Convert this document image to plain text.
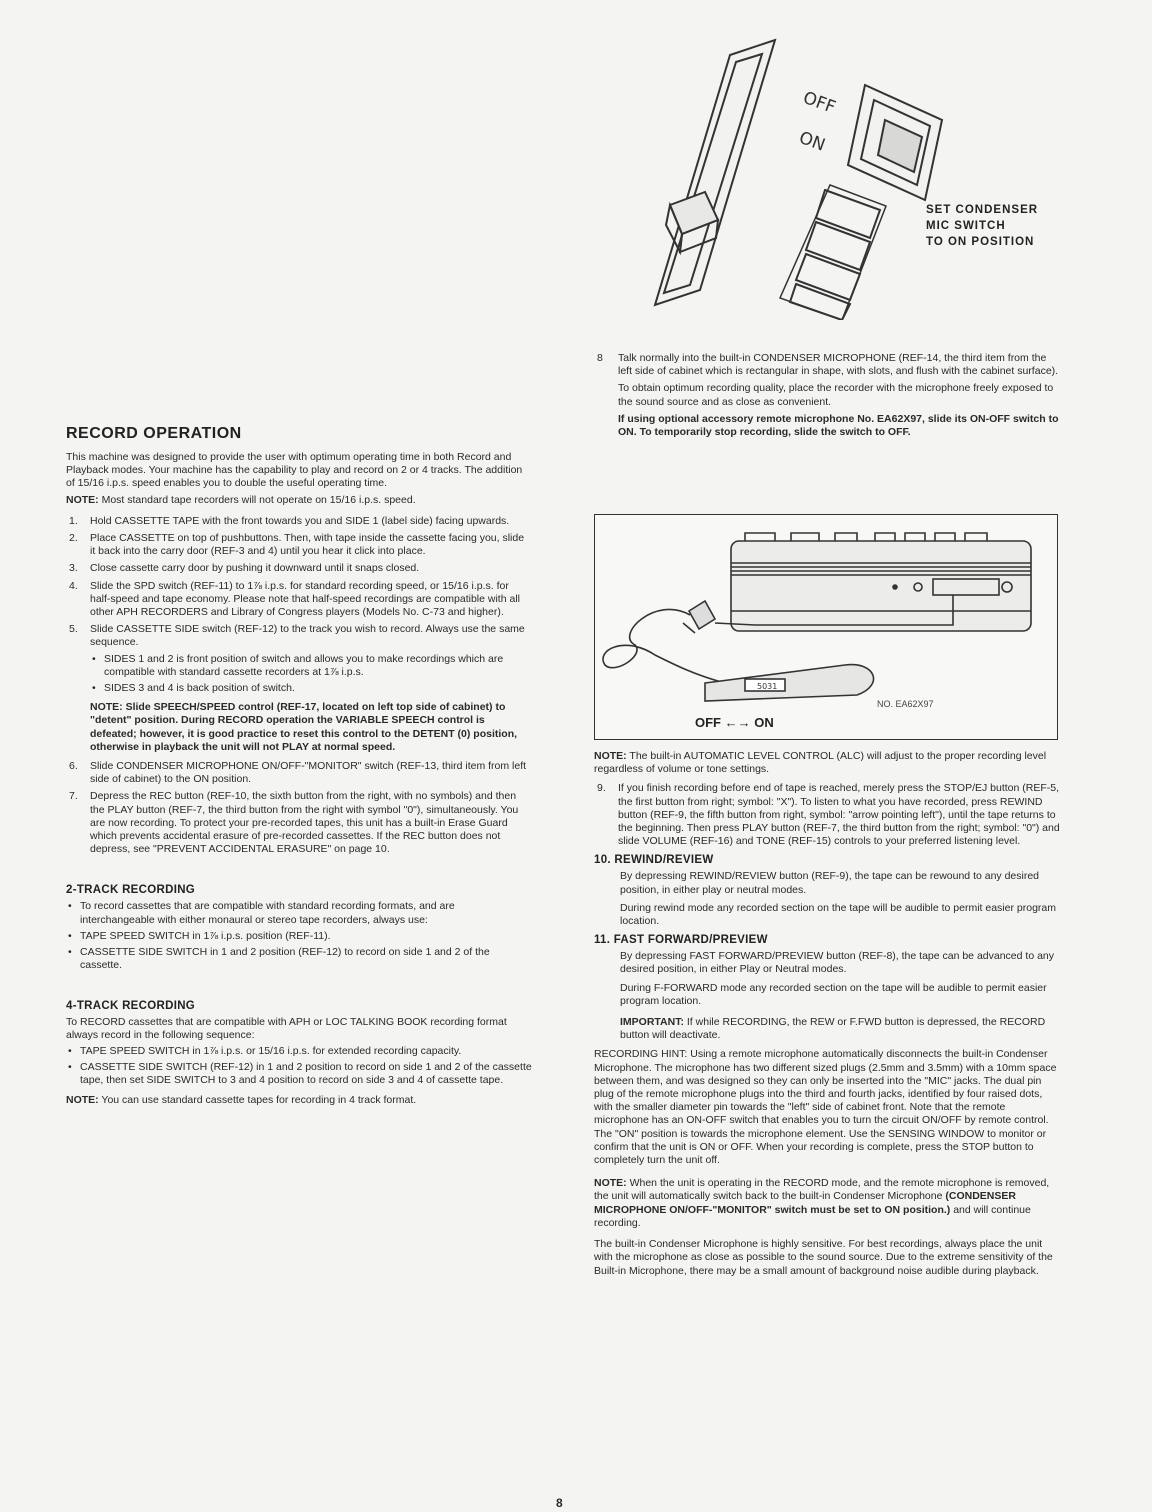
OFF
ON
SET CONDENSER
MIC SWITCH
TO ON POSITION
8 Talk normally into the built-in CONDENSER MICROPHONE (REF-14, the third item from the left side of cabinet which is rectangular in shape, with slots, and flush with the cabinet surface).

To obtain optimum recording quality, place the recorder with the microphone freely exposed to the sound source and as close as convenient.

If using optional accessory remote microphone No. EA62X97, slide its ON-OFF switch to ON. To temporarily stop recording, slide the switch to OFF.

5031
NO. EA62X97
OFF ←→ ON
RECORD OPERATION

This machine was designed to provide the user with optimum operating time in both Record and Playback modes. Your machine has the capability to play and record on 2 or 4 tracks. The addition of 15/16 i.p.s. speed enables you to double the useful operating time.

NOTE: Most standard tape recorders will not operate on 15/16 i.p.s. speed.

1. Hold CASSETTE TAPE with the front towards you and SIDE 1 (label side) facing upwards.
2. Place CASSETTE on top of pushbuttons. Then, with tape inside the cassette facing you, slide it back into the carry door (REF-3 and 4) until you hear it click into place.
3. Close cassette carry door by pushing it downward until it snaps closed.
4. Slide the SPD switch (REF-11) to 1⅞ i.p.s. for standard recording speed, or 15/16 i.p.s. for half-speed and tape economy. Please note that half-speed recordings are compatible with all other APH RECORDERS and Library of Congress players (Models No. C-73 and higher).
5. Slide CASSETTE SIDE switch (REF-12) to the track you wish to record. Always use the same sequence.
• SIDES 1 and 2 is front position of switch and allows you to make recordings which are compatible with standard cassette recorders at 1⅞ i.p.s.
• SIDES 3 and 4 is back position of switch.

NOTE: Slide SPEECH/SPEED control (REF-17, located on left top side of cabinet) to "detent" position. During RECORD operation the VARIABLE SPEECH control is defeated; however, it is good practice to reset this control to the DETENT (0) position, otherwise in playback the unit will not PLAY at normal speed.

6. Slide CONDENSER MICROPHONE ON/OFF-"MONITOR" switch (REF-13, third item from left side of cabinet) to the ON position.
7. Depress the REC button (REF-10, the sixth button from the right, with no symbols) and then the PLAY button (REF-7, the third button from the right with symbol "0"), simultaneously. You are now recording. To protect your pre-recorded tapes, this unit has a built-in Erase Guard which prevents accidental erasure of pre-recorded cassettes. If the REC button does not depress, see "PREVENT ACCIDENTAL ERASURE" on page 10.
2-TRACK RECORDING
• To record cassettes that are compatible with standard recording formats, and are interchangeable with either monaural or stereo tape recorders, always use:
• TAPE SPEED SWITCH in 1⅞ i.p.s. position (REF-11).
• CASSETTE SIDE SWITCH in 1 and 2 position (REF-12) to record on side 1 and 2 of the cassette.
4-TRACK RECORDING

To RECORD cassettes that are compatible with APH or LOC TALKING BOOK recording format always record in the following sequence:

• TAPE SPEED SWITCH in 1⅞ i.p.s. or 15/16 i.p.s. for extended recording capacity.
• CASSETTE SIDE SWITCH (REF-12) in 1 and 2 position to record on side 1 and 2 of the cassette tape, then set SIDE SWITCH to 3 and 4 position to record on side 3 and 4 of cassette tape.

NOTE: You can use standard cassette tapes for recording in 4 track format.

NOTE: The built-in AUTOMATIC LEVEL CONTROL (ALC) will adjust to the proper recording level regardless of volume or tone settings.

9. If you finish recording before end of tape is reached, merely press the STOP/EJ button (REF-5, the first button from right; symbol: "X"). To listen to what you have recorded, press REWIND button (REF-9, the fifth button from right, symbol: "arrow pointing left"), until the tape returns to the beginning. Then press PLAY button (REF-7, the third button from the right; symbol: "0") and slide VOLUME (REF-16) and TONE (REF-15) controls to your preferred listening level.
10. REWIND/REVIEW

By depressing REWIND/REVIEW button (REF-9), the tape can be rewound to any desired position, in either play or neutral modes.

During rewind mode any recorded section on the tape will be audible to permit easier program location.

11. FAST FORWARD/PREVIEW

By depressing FAST FORWARD/PREVIEW button (REF-8), the tape can be advanced to any desired position, in either Play or Neutral modes.

During F-FORWARD mode any recorded section on the tape will be audible to permit easier program location.

IMPORTANT: If while RECORDING, the REW or F.FWD button is depressed, the RECORD button will deactivate.

RECORDING HINT: Using a remote microphone automatically disconnects the built-in Condenser Microphone. The microphone has two different sized plugs (2.5mm and 3.5mm) with a 10mm space between them, and was designed so they can only be inserted into the "MIC" jacks. The dual pin plug of the remote microphone plugs into the third and fourth jacks, identified by four raised dots, with the smaller diameter pin towards the "left" side of cabinet front. Note that the remote microphone has an ON-OFF switch that enables you to turn the circuit ON/OFF by remote control. The "ON" position is towards the microphone element. Use the SENSING WINDOW to monitor or confirm that the unit is ON or OFF. When your recording is complete, press the STOP button to completely turn the unit off.

NOTE: When the unit is operating in the RECORD mode, and the remote microphone is removed, the unit will automatically switch back to the built-in Condenser Microphone (CONDENSER MICROPHONE ON/OFF-"MONITOR" switch must be set to ON position.) and will continue recording.

The built-in Condenser Microphone is highly sensitive. For best recordings, always place the unit with the microphone as close as possible to the sound source. Due to the extreme sensitivity of the Built-in Microphone, there may be a small amount of background noise audible during playback.

8
